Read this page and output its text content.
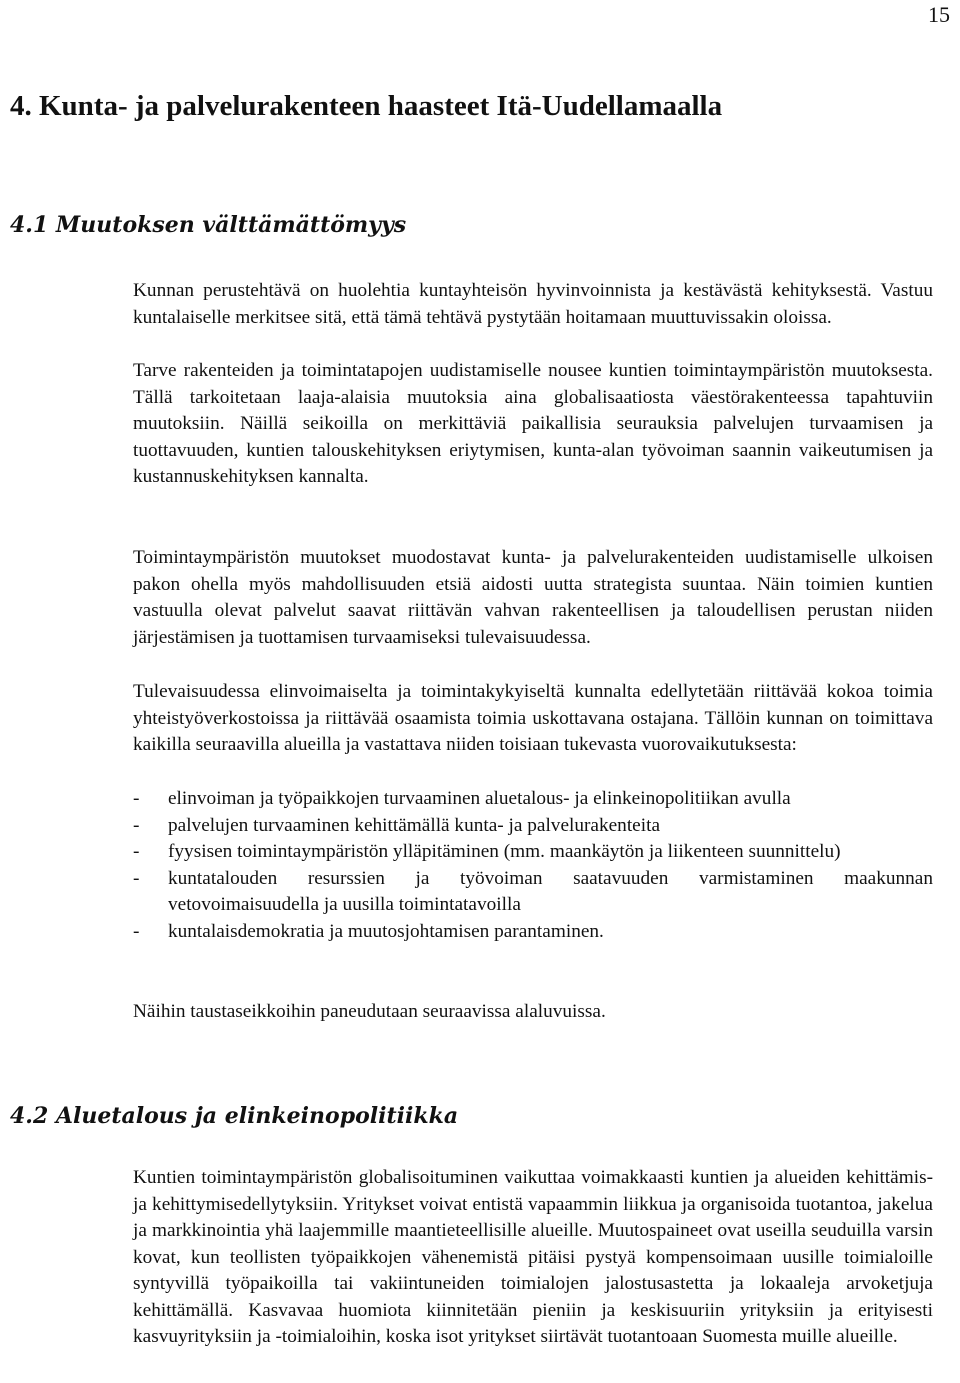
15
4. Kunta- ja palvelurakenteen haasteet Itä-Uudellamaalla
4.1 Muutoksen välttämättömyys

Kunnan perustehtävä on huolehtia kuntayhteisön hyvinvoinnista ja kestävästä kehityksestä. Vastuu kuntalaiselle merkitsee sitä, että tämä tehtävä pystytään hoitamaan muuttuvissakin oloissa.

Tarve rakenteiden ja toimintatapojen uudistamiselle nousee kuntien toimintaympäristön muutoksesta. Tällä tarkoitetaan laaja-alaisia muutoksia aina globalisaatiosta väestörakenteessa tapahtuviin muutoksiin. Näillä seikoilla on merkittäviä paikallisia seurauksia palvelujen turvaamisen ja tuottavuuden, kuntien talouskehityksen eriytymisen, kunta-alan työvoiman saannin vaikeutumisen ja kustannuskehityksen kannalta.

Toimintaympäristön muutokset muodostavat kunta- ja palvelurakenteiden uudistamiselle ulkoisen pakon ohella myös mahdollisuuden etsiä aidosti uutta strategista suuntaa. Näin toimien kuntien vastuulla olevat palvelut saavat riittävän vahvan rakenteellisen ja taloudellisen perustan niiden järjestämisen ja tuottamisen turvaamiseksi tulevaisuudessa.

Tulevaisuudessa elinvoimaiselta ja toimintakykyiseltä kunnalta edellytetään riittävää kokoa toimia yhteistyöverkostoissa ja riittävää osaamista toimia uskottavana ostajana. Tällöin kunnan on toimittava kaikilla seuraavilla alueilla ja vastattava niiden toisiaan tukevasta vuorovaikutuksesta:

-	elinvoiman ja työpaikkojen turvaaminen aluetalous- ja elinkeinopolitiikan avulla
-	palvelujen turvaaminen kehittämällä kunta- ja palvelurakenteita
-	fyysisen toimintaympäristön ylläpitäminen (mm. maankäytön ja liikenteen suunnittelu)
-	kuntatalouden resurssien ja työvoiman saatavuuden varmistaminen maakunnan vetovoimaisuudella ja uusilla toimintatavoilla
-	kuntalaisdemokratia ja muutosjohtamisen parantaminen.

Näihin taustaseikkoihin paneudutaan seuraavissa alaluvuissa.

4.2 Aluetalous ja elinkeinopolitiikka

Kuntien toimintaympäristön globalisoituminen vaikuttaa voimakkaasti kuntien ja alueiden kehittämis- ja kehittymisedellytyksiin. Yritykset voivat entistä vapaammin liikkua ja organisoida tuotantoa, jakelua ja markkinointia yhä laajemmille maantieteellisille alueille. Muutospaineet ovat useilla seuduilla varsin kovat, kun teollisten työpaikkojen vähenemistä pitäisi pystyä kompensoimaan uusille toimialoille syntyvillä työpaikoilla tai vakiintuneiden toimialojen jalostusastetta ja lokaaleja arvoketjuja kehittämällä. Kasvavaa huomiota kiinnitetään pieniin ja keskisuuriin yrityksiin ja erityisesti kasvuyrityksiin ja -toimialoihin, koska isot yritykset siirtävät tuotantoaan Suomesta muille alueille.
